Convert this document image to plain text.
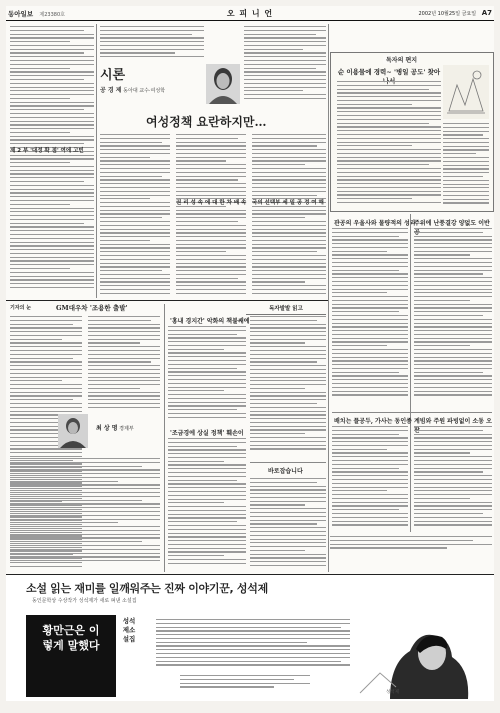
동아일보 제23380호	오 피 니 언	2002년 10월25일 금요일 A7
제 2 부 '대정 확 점' 여에 고빈
시론
공 경 제 동아대 교수·여성학
여성정책 요란하지만…
권 리 성 속 에 대 한 차 배 속 국의 선택부 세 밀 공 정 여 해
독자의 편지
순 이용물에 경력~ '병일 공도' 찾아
관공의 우울사와 물량적의 성과
주위에 난풍결강 양없도 이반
배치는 플공두, 가사는 동인종 계빔와 주원 파빙없이 소동 오
기자의 눈	GM대우차 '조용한 출발'	독자발발 읽고
최 상 명 경제부
'홍내 경지간' 악화의 책불쌔에
'조금경에 상실 정책' 훼손이
바로잡습니다
소설 읽는 재미를 일깨워주는 진짜 이야기꾼, 성석제
동인문학상 수상작가 성석제가 새로 펴낸 소설집
황만근은 이렇게 말했다
성석제소설집
성석제
